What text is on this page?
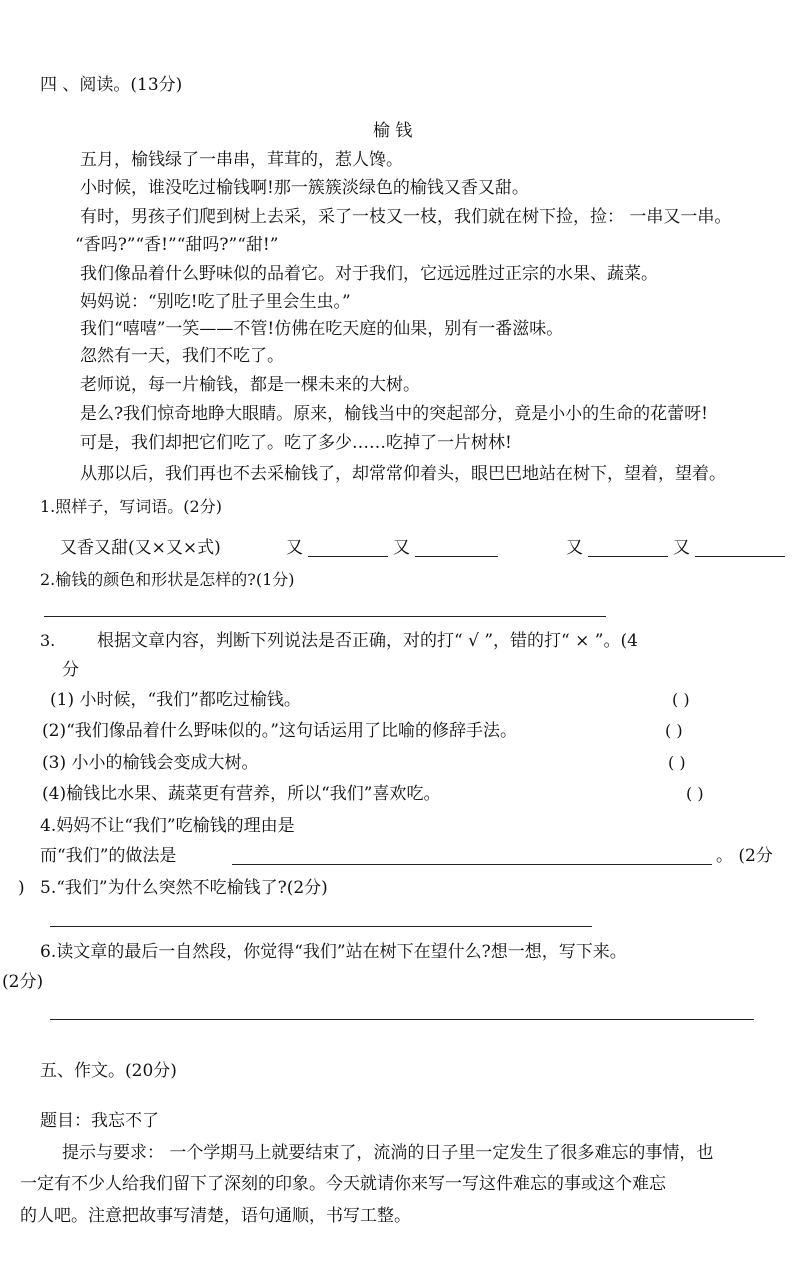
四 、阅读。(13分)
榆 钱
五月，榆钱绿了一串串，茸茸的，惹人馋。
小时候，谁没吃过榆钱啊!那一簇簇淡绿色的榆钱又香又甜。
有时，男孩子们爬到树上去采，采了一枝又一枝，我们就在树下捡，捡： 一串又一串。
“香吗?”“香!”“甜吗?”“甜!”
我们像品着什么野味似的品着它。对于我们，它远远胜过正宗的水果、蔬菜。
妈妈说：“别吃!吃了肚子里会生虫。”
我们“嘻嘻”一笑——不管!仿佛在吃天庭的仙果，别有一番滋味。
忽然有一天，我们不吃了。
老师说，每一片榆钱，都是一棵未来的大树。
是么?我们惊奇地睁大眼睛。原来，榆钱当中的突起部分，竟是小小的生命的花蕾呀!
可是，我们却把它们吃了。吃了多少……吃掉了一片树林!
从那以后，我们再也不去采榆钱了，却常常仰着头，眼巴巴地站在树下，望着，望着。
1.照样子，写词语。(2分)
又香又甜(又×又×式)	又	又	又	又
2.榆钱的颜色和形状是怎样的?(1分)
3. 根据文章内容，判断下列说法是否正确，对的打“ √ ”，错的打“ × ”。(4
分
(1) 小时候，“我们”都吃过榆钱。	( )
(2)“我们像品着什么野味似的。”这句话运用了比喻的修辞手法。	( )
(3) 小小的榆钱会变成大树。	( )
(4)榆钱比水果、蔬菜更有营养，所以“我们”喜欢吃。	( )
4.妈妈不让“我们”吃榆钱的理由是
而“我们”的做法是	。 (2分
) 5.“我们”为什么突然不吃榆钱了?(2分)
6.读文章的最后一自然段，你觉得“我们”站在树下在望什么?想一想，写下来。
(2分)
五、作文。(20分)
题目：我忘不了
提示与要求： 一个学期马上就要结束了，流淌的日子里一定发生了很多难忘的事情，也
一定有不少人给我们留下了深刻的印象。今天就请你来写一写这件难忘的事或这个难忘
的人吧。注意把故事写清楚，语句通顺，书写工整。
